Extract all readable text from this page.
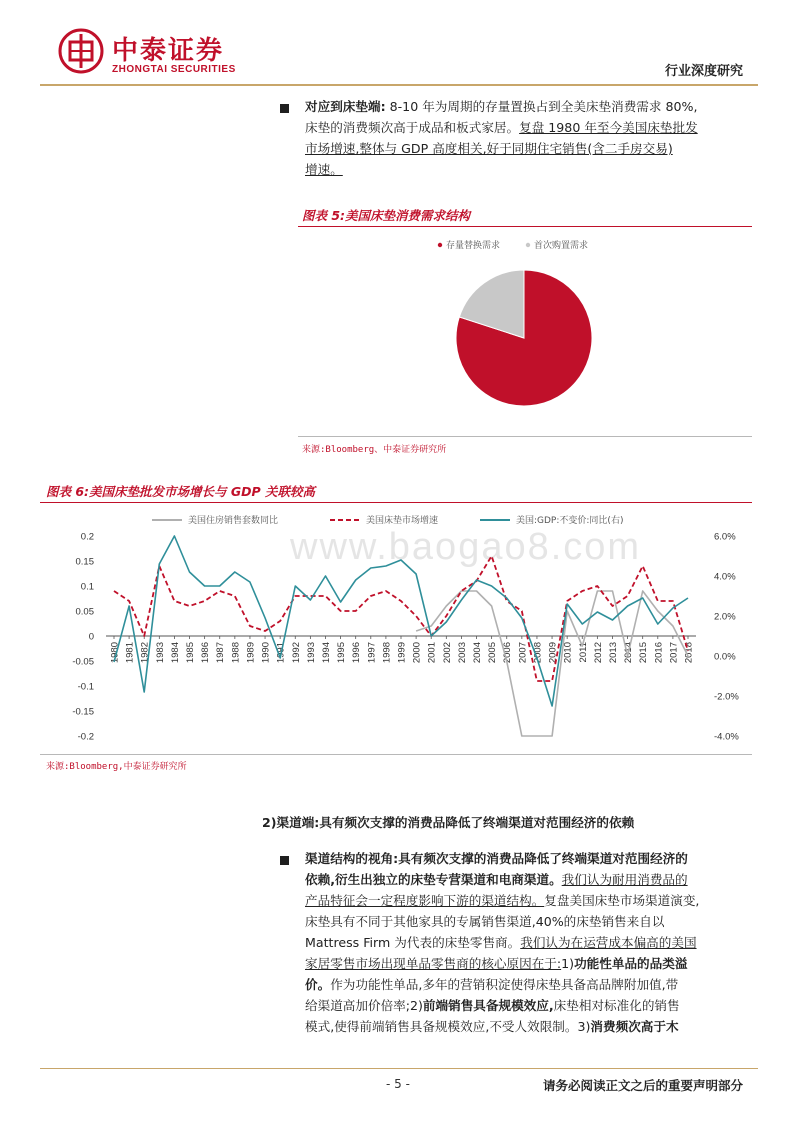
中泰证券
ZHONGTAI SECURITIES	行业深度研究
对应到床垫端: 8-10 年为周期的存量置换占到全美床垫消费需求 80%,
床垫的消费频次高于成品和板式家居。复盘 1980 年至今美国床垫批发
市场增速,整体与 GDP 高度相关,好于同期住宅销售(含二手房交易)
增速。
图表 5:美国床垫消费需求结构
存量替换需求	首次购置需求
来源:Bloomberg、中泰证券研究所
图表 6:美国床垫批发市场增长与 GDP 关联较高
www.baogao8.com
美国住房销售套数同比	美国床垫市场增速	美国:GDP:不变价:同比(右)
0.2
0.15
0.1
0.05
0
-0.05
-0.1
-0.15
-0.2
6.0%
4.0%
2.0%
0.0%
-2.0%
-4.0%
1980 1981 1982 1983 1984 1985 1986 1987 1988 1989 1990 1991 1992 1993 1994 1995 1996 1997 1998 1999 2000 2001 2002 2003 2004 2005 2006 2007 2008 2009 2010 2011 2012 2013 2014 2015 2016 2017 2018
来源:Bloomberg,中泰证券研究所
2)渠道端:具有频次支撑的消费品降低了终端渠道对范围经济的依赖
渠道结构的视角:具有频次支撑的消费品降低了终端渠道对范围经济的
依赖,衍生出独立的床垫专营渠道和电商渠道。我们认为耐用消费品的
产品特征会一定程度影响下游的渠道结构。复盘美国床垫市场渠道演变,
床垫具有不同于其他家具的专属销售渠道,40%的床垫销售来自以
Mattress Firm 为代表的床垫零售商。我们认为在运营成本偏高的美国
家居零售市场出现单品零售商的核心原因在于:1)功能性单品的品类溢
价。作为功能性单品,多年的营销积淀使得床垫具备高品牌附加值,带
给渠道高加价倍率;2)前端销售具备规模效应,床垫相对标准化的销售
模式,使得前端销售具备规模效应,不受人效限制。3)消费频次高于木
- 5 -	请务必阅读正文之后的重要声明部分
